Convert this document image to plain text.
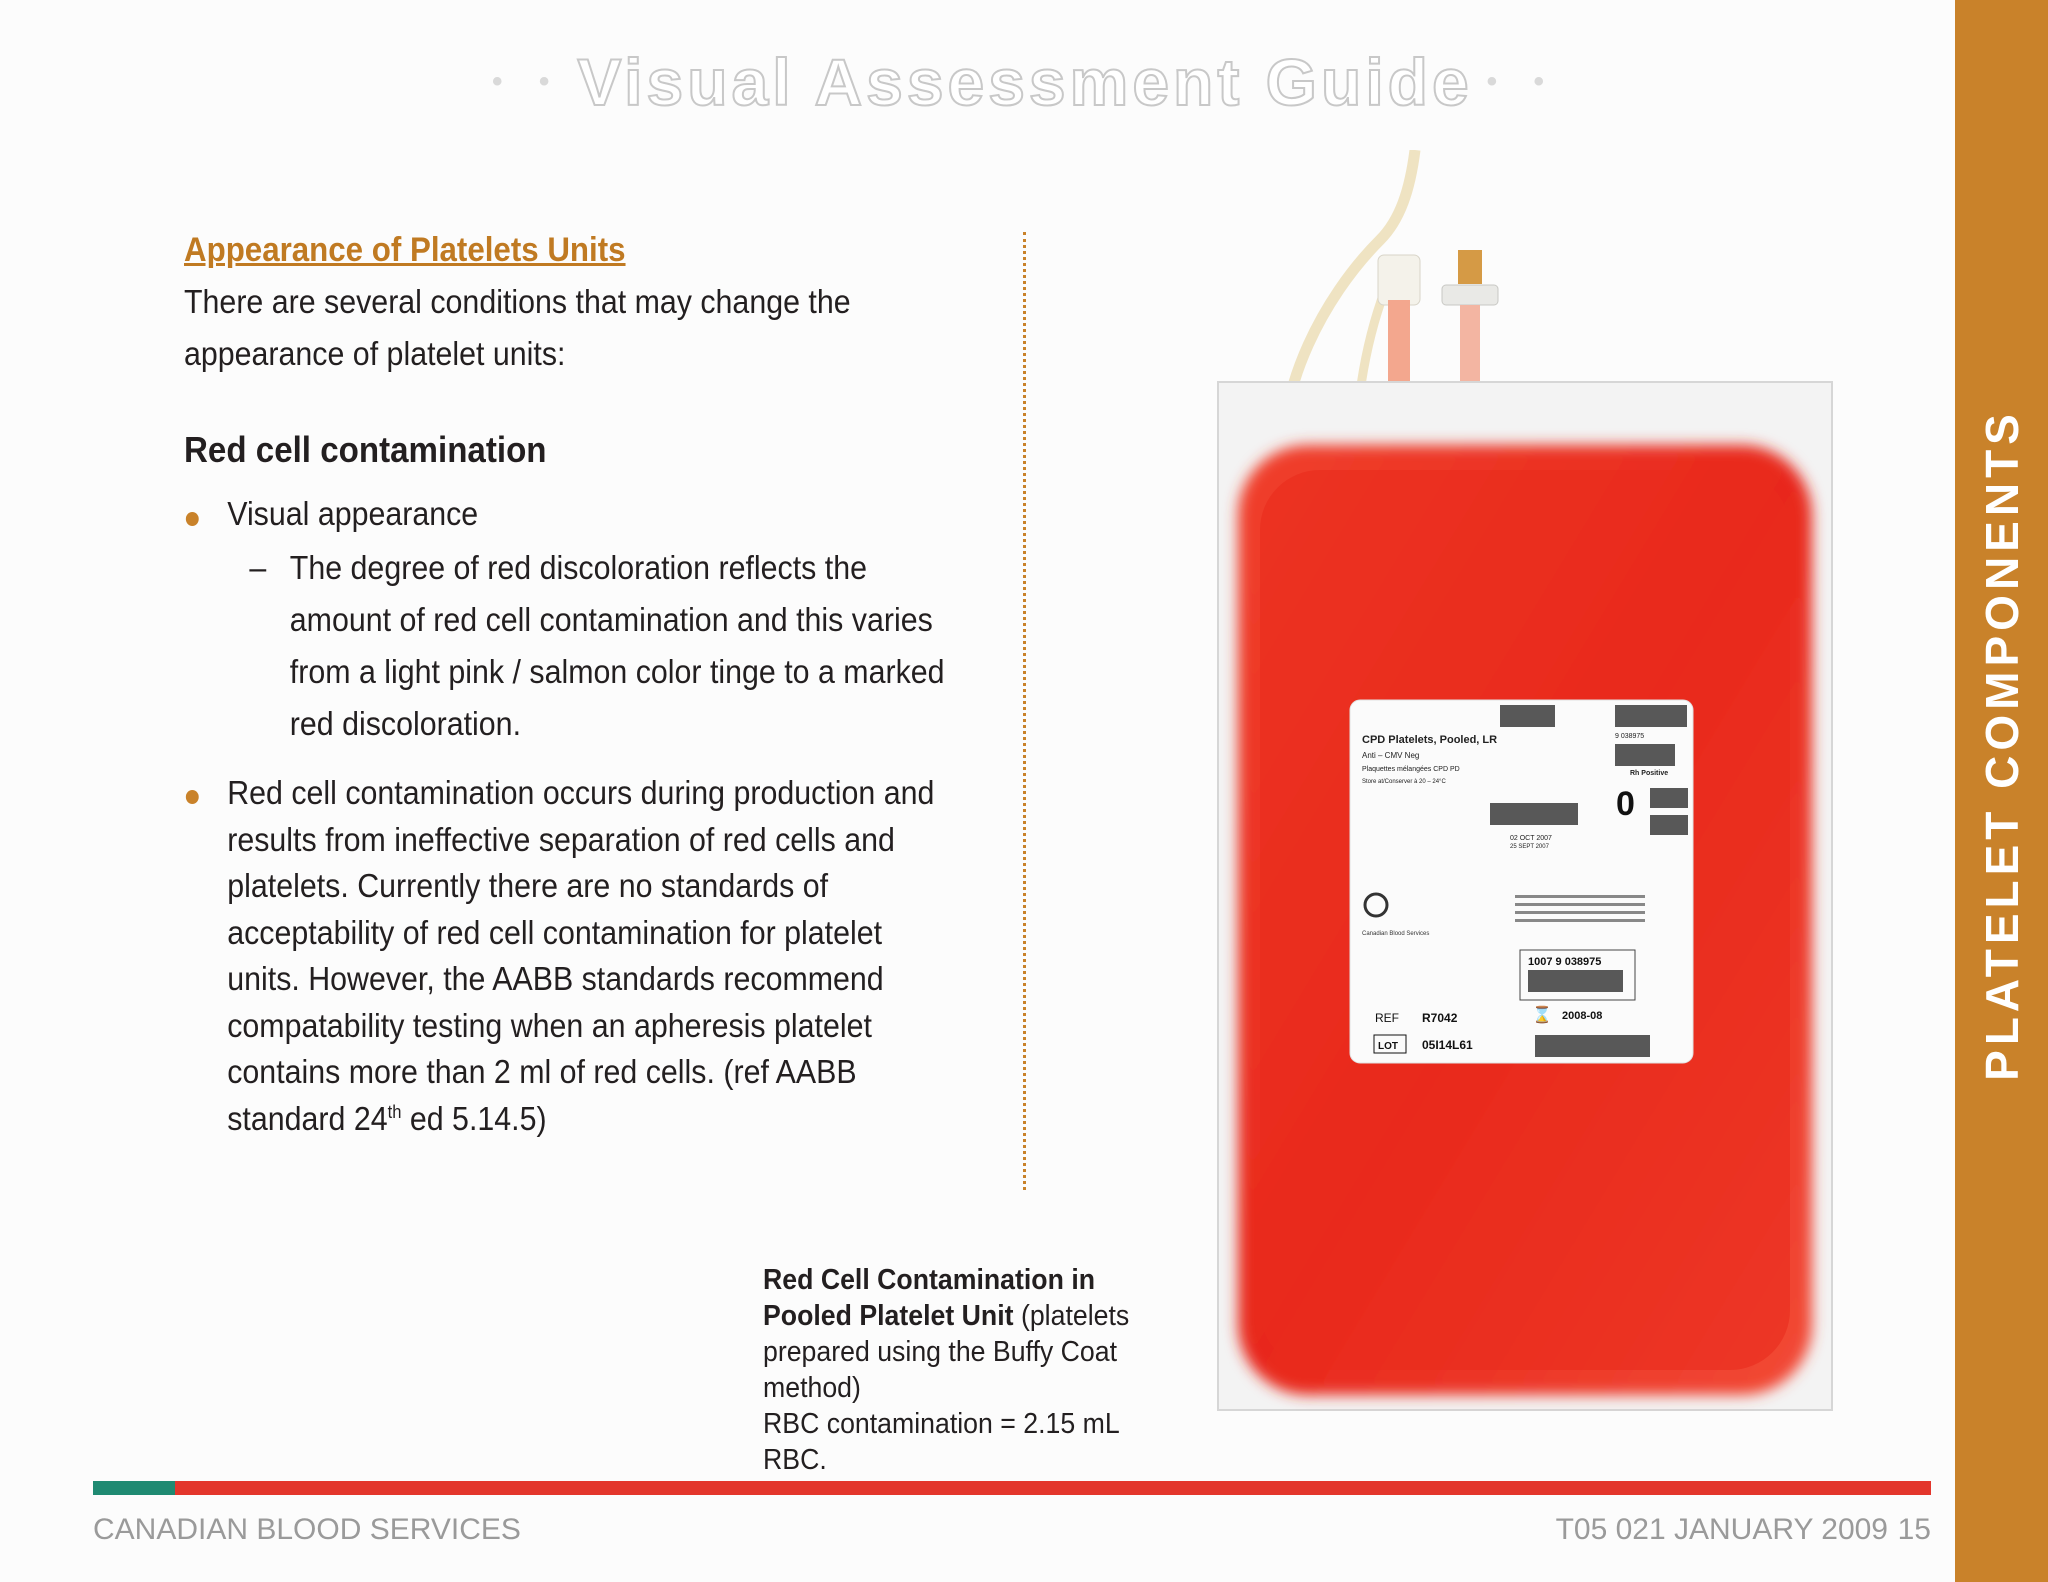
• • Visual Assessment Guide • •
PLATELET COMPONENTS
Appearance of Platelets Units

There are several conditions that may change the appearance of platelet units:

Red cell contamination
Visual appearance
– The degree of red discoloration reflects the amount of red cell contamination and this varies from a light pink / salmon color tinge to a marked red discoloration.
Red cell contamination occurs during production and results from ineffective separation of red cells and platelets. Currently there are no standards of acceptability of red cell contamination for platelet units. However, the AABB standards recommend compatability testing when an apheresis platelet contains more than 2 ml of red cells. (ref AABB standard 24th ed 5.14.5)
CPD Platelets, Pooled, LR
Anti – CMV Neg
Plaquettes mélangées CPD PD
Store at/Conserver à 20 – 24°C
9 038975
Rh Positive
0
02 OCT 2007
25 SEPT 2007
Canadian Blood Services
1007 9 038975
REF R7042	⌛ 2008-08
LOT 05I14L61
Red Cell Contamination in Pooled Platelet Unit (platelets prepared using the Buffy Coat method)
RBC contamination = 2.15 mL RBC.
CANADIAN BLOOD SERVICES	T05 021 JANUARY 2009 15
